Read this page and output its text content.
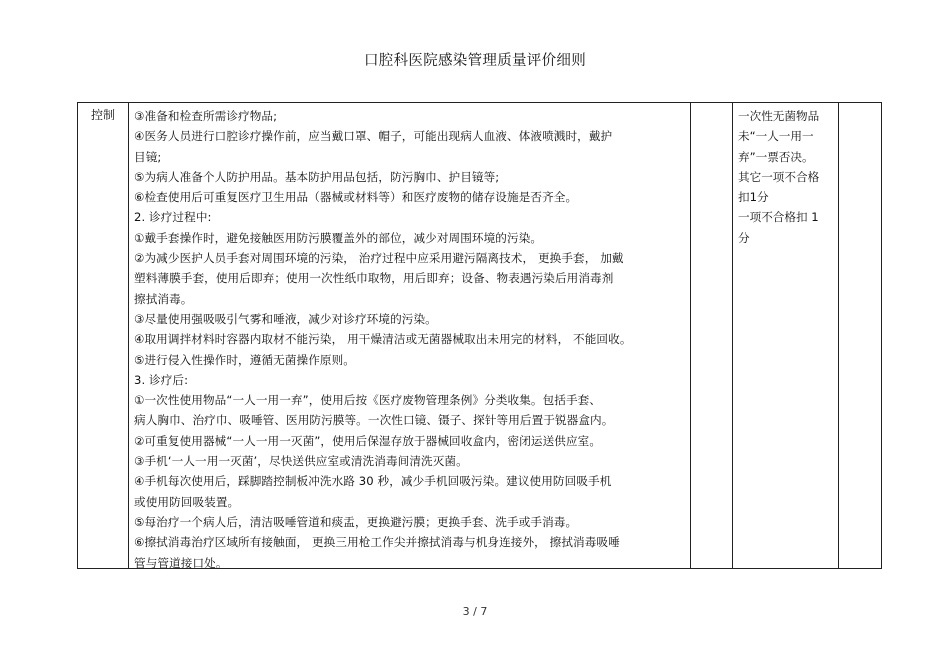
口腔科医院感染管理质量评价细则
控制	③准备和检查所需诊疗物品;
④医务人员进行口腔诊疗操作前，应当戴口罩、帽子，可能出现病人血液、体液喷溅时，戴护
目镜;
⑤为病人准备个人防护用品。基本防护用品包括，防污胸巾、护目镜等;
⑥检查使用后可重复医疗卫生用品（器械或材料等）和医疗废物的储存设施是否齐全。
2. 诊疗过程中:
①戴手套操作时，避免接触医用防污膜覆盖外的部位，减少对周围环境的污染。
②为减少医护人员手套对周围环境的污染， 治疗过程中应采用避污隔离技术， 更换手套， 加戴
塑料薄膜手套，使用后即弃；使用一次性纸巾取物，用后即弃；设备、物表遇污染后用消毒剂
擦拭消毒。
③尽量使用强吸吸引气雾和唾液，减少对诊疗环境的污染。
④取用调拌材料时容器内取材不能污染， 用干燥清洁或无菌器械取出未用完的材料， 不能回收。
⑤进行侵入性操作时，遵循无菌操作原则。
3. 诊疗后:
①一次性使用物品“一人一用一弃”，使用后按《医疗废物管理条例》分类收集。包括手套、
病人胸巾、治疗巾、吸唾管、医用防污膜等。一次性口镜、镊子、探针等用后置于锐器盒内。
②可重复使用器械“一人一用一灭菌”，使用后保湿存放于器械回收盒内，密闭运送供应室。
③手机‘一人一用一灭菌’，尽快送供应室或清洗消毒间清洗灭菌。
④手机每次使用后，踩脚踏控制板冲洗水路 30 秒，减少手机回吸污染。建议使用防回吸手机
或使用防回吸装置。
⑤每治疗一个病人后，清洁吸唾管道和痰盂，更换避污膜；更换手套、洗手或手消毒。
⑥擦拭消毒治疗区域所有接触面， 更换三用枪工作尖并擦拭消毒与机身连接外， 擦拭消毒吸唾
管与管道接口处。
一次性无菌物品
未“一人一用一
弃”一票否决。
其它一项不合格
扣1分
一项不合格扣 1
分
3 / 7
